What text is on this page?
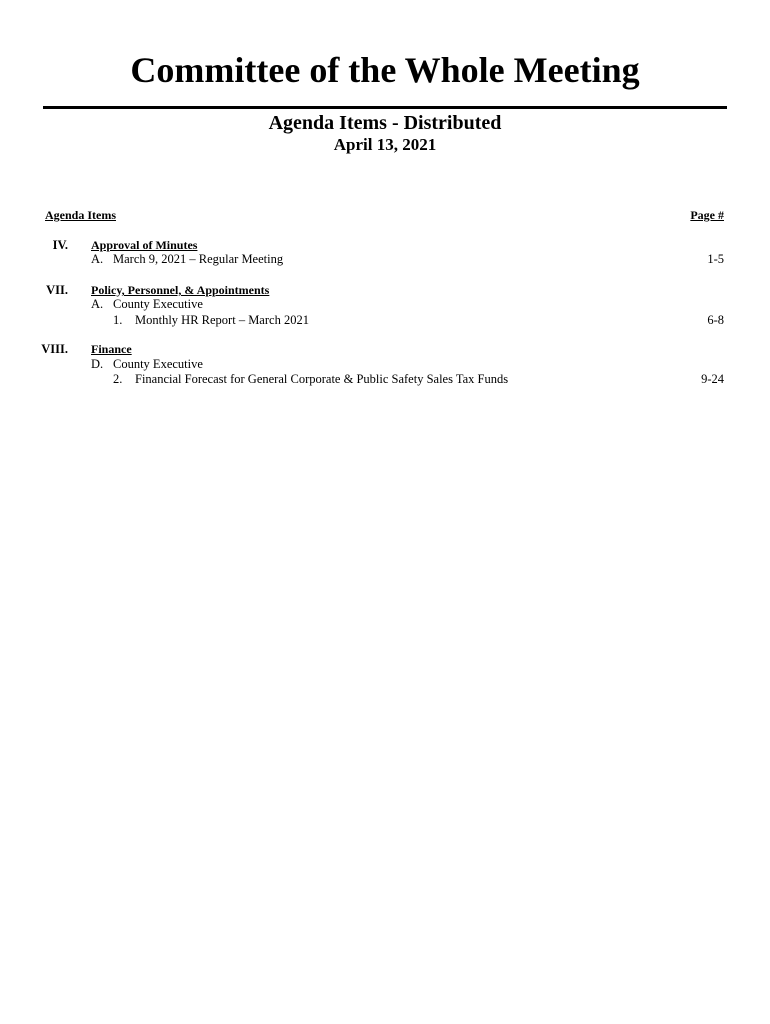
Committee of the Whole Meeting
Agenda Items - Distributed
April 13, 2021
Agenda Items	Page #
IV. Approval of Minutes
A. March 9, 2021 – Regular Meeting	1-5
VII. Policy, Personnel, & Appointments
A. County Executive
1. Monthly HR Report – March 2021	6-8
VIII. Finance
D. County Executive
2. Financial Forecast for General Corporate & Public Safety Sales Tax Funds	9-24
